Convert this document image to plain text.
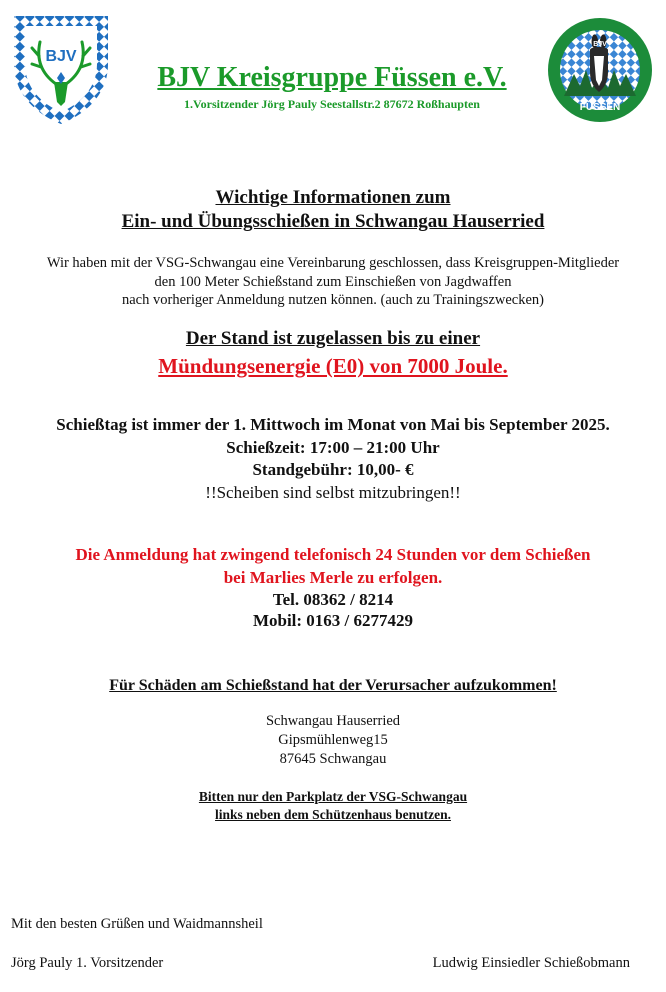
BJV
BJV
FÜSSEN
BJV Kreisgruppe Füssen e.V.
1.Vorsitzender Jörg Pauly Seestallstr.2 87672 Roßhaupten
Wichtige Informationen zum
Ein- und Übungsschießen in Schwangau Hauserried
Wir haben mit der VSG-Schwangau eine Vereinbarung geschlossen, dass Kreisgruppen-Mitglieder
den 100 Meter Schießstand zum Einschießen von Jagdwaffen
nach vorheriger Anmeldung nutzen können. (auch zu Trainingszwecken)
Der Stand ist zugelassen bis zu einer
Mündungsenergie (E0) von 7000 Joule.
Schießtag ist immer der 1. Mittwoch im Monat von Mai bis September 2025.
Schießzeit: 17:00 – 21:00 Uhr
Standgebühr: 10,00- €
!!Scheiben sind selbst mitzubringen!!
Die Anmeldung hat zwingend telefonisch 24 Stunden vor dem Schießen
bei Marlies Merle zu erfolgen.
Tel. 08362 / 8214
Mobil: 0163 / 6277429
Für Schäden am Schießstand hat der Verursacher aufzukommen!
Schwangau Hauserried
Gipsmühlenweg15
87645 Schwangau
Bitten nur den Parkplatz der VSG-Schwangau
links neben dem Schützenhaus benutzen.
Mit den besten Grüßen und Waidmannsheil
Jörg Pauly 1. Vorsitzender	Ludwig Einsiedler Schießobmann
